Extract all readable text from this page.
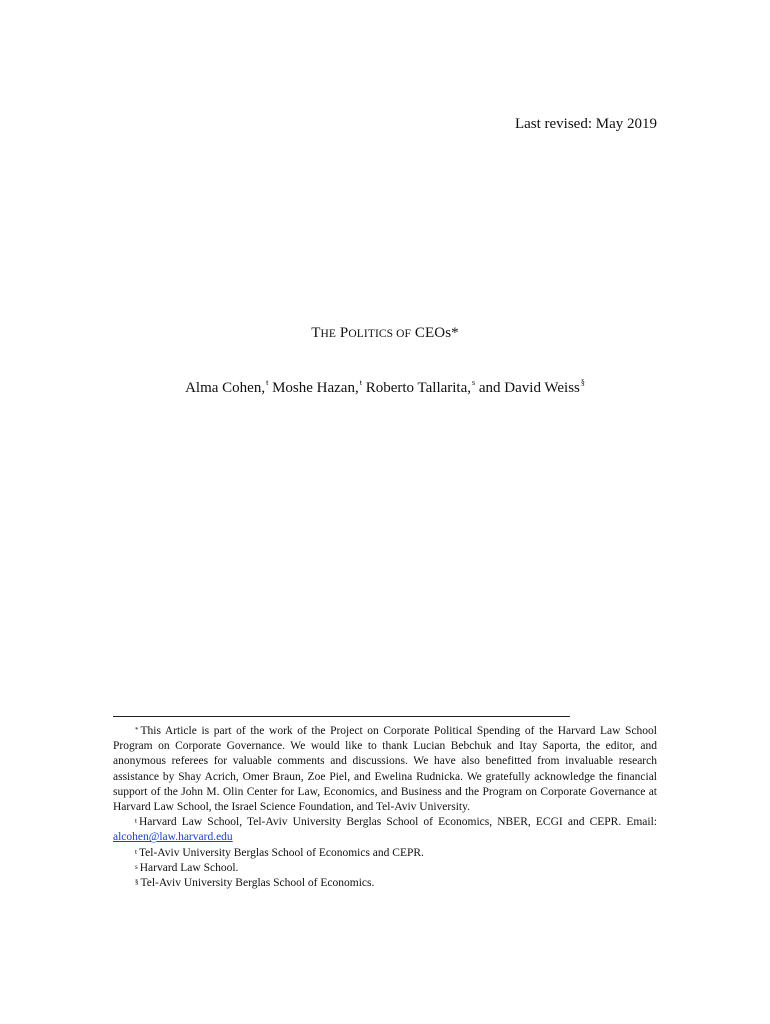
Last revised: May 2019
THE POLITICS OF CEOs*
Alma Cohen,$^ŧ$ Moshe Hazan,$^ŧ$ Roberto Tallarita,$^s$ and David Weiss§

* This Article is part of the work of the Project on Corporate Political Spending of the Harvard Law School Program on Corporate Governance. We would like to thank Lucian Bebchuk and Itay Saporta, the editor, and anonymous referees for valuable comments and discussions. We have also benefitted from invaluable research assistance by Shay Acrich, Omer Braun, Zoe Piel, and Ewelina Rudnicka. We gratefully acknowledge the financial support of the John M. Olin Center for Law, Economics, and Business and the Program on Corporate Governance at Harvard Law School, the Israel Science Foundation, and Tel-Aviv University.

$^ŧ$ Harvard Law School, Tel-Aviv University Berglas School of Economics, NBER, ECGI and CEPR. Email: alcohen@law.harvard.edu

$^ŧ$ Tel-Aviv University Berglas School of Economics and CEPR.

$^s$ Harvard Law School.

§ Tel-Aviv University Berglas School of Economics.
